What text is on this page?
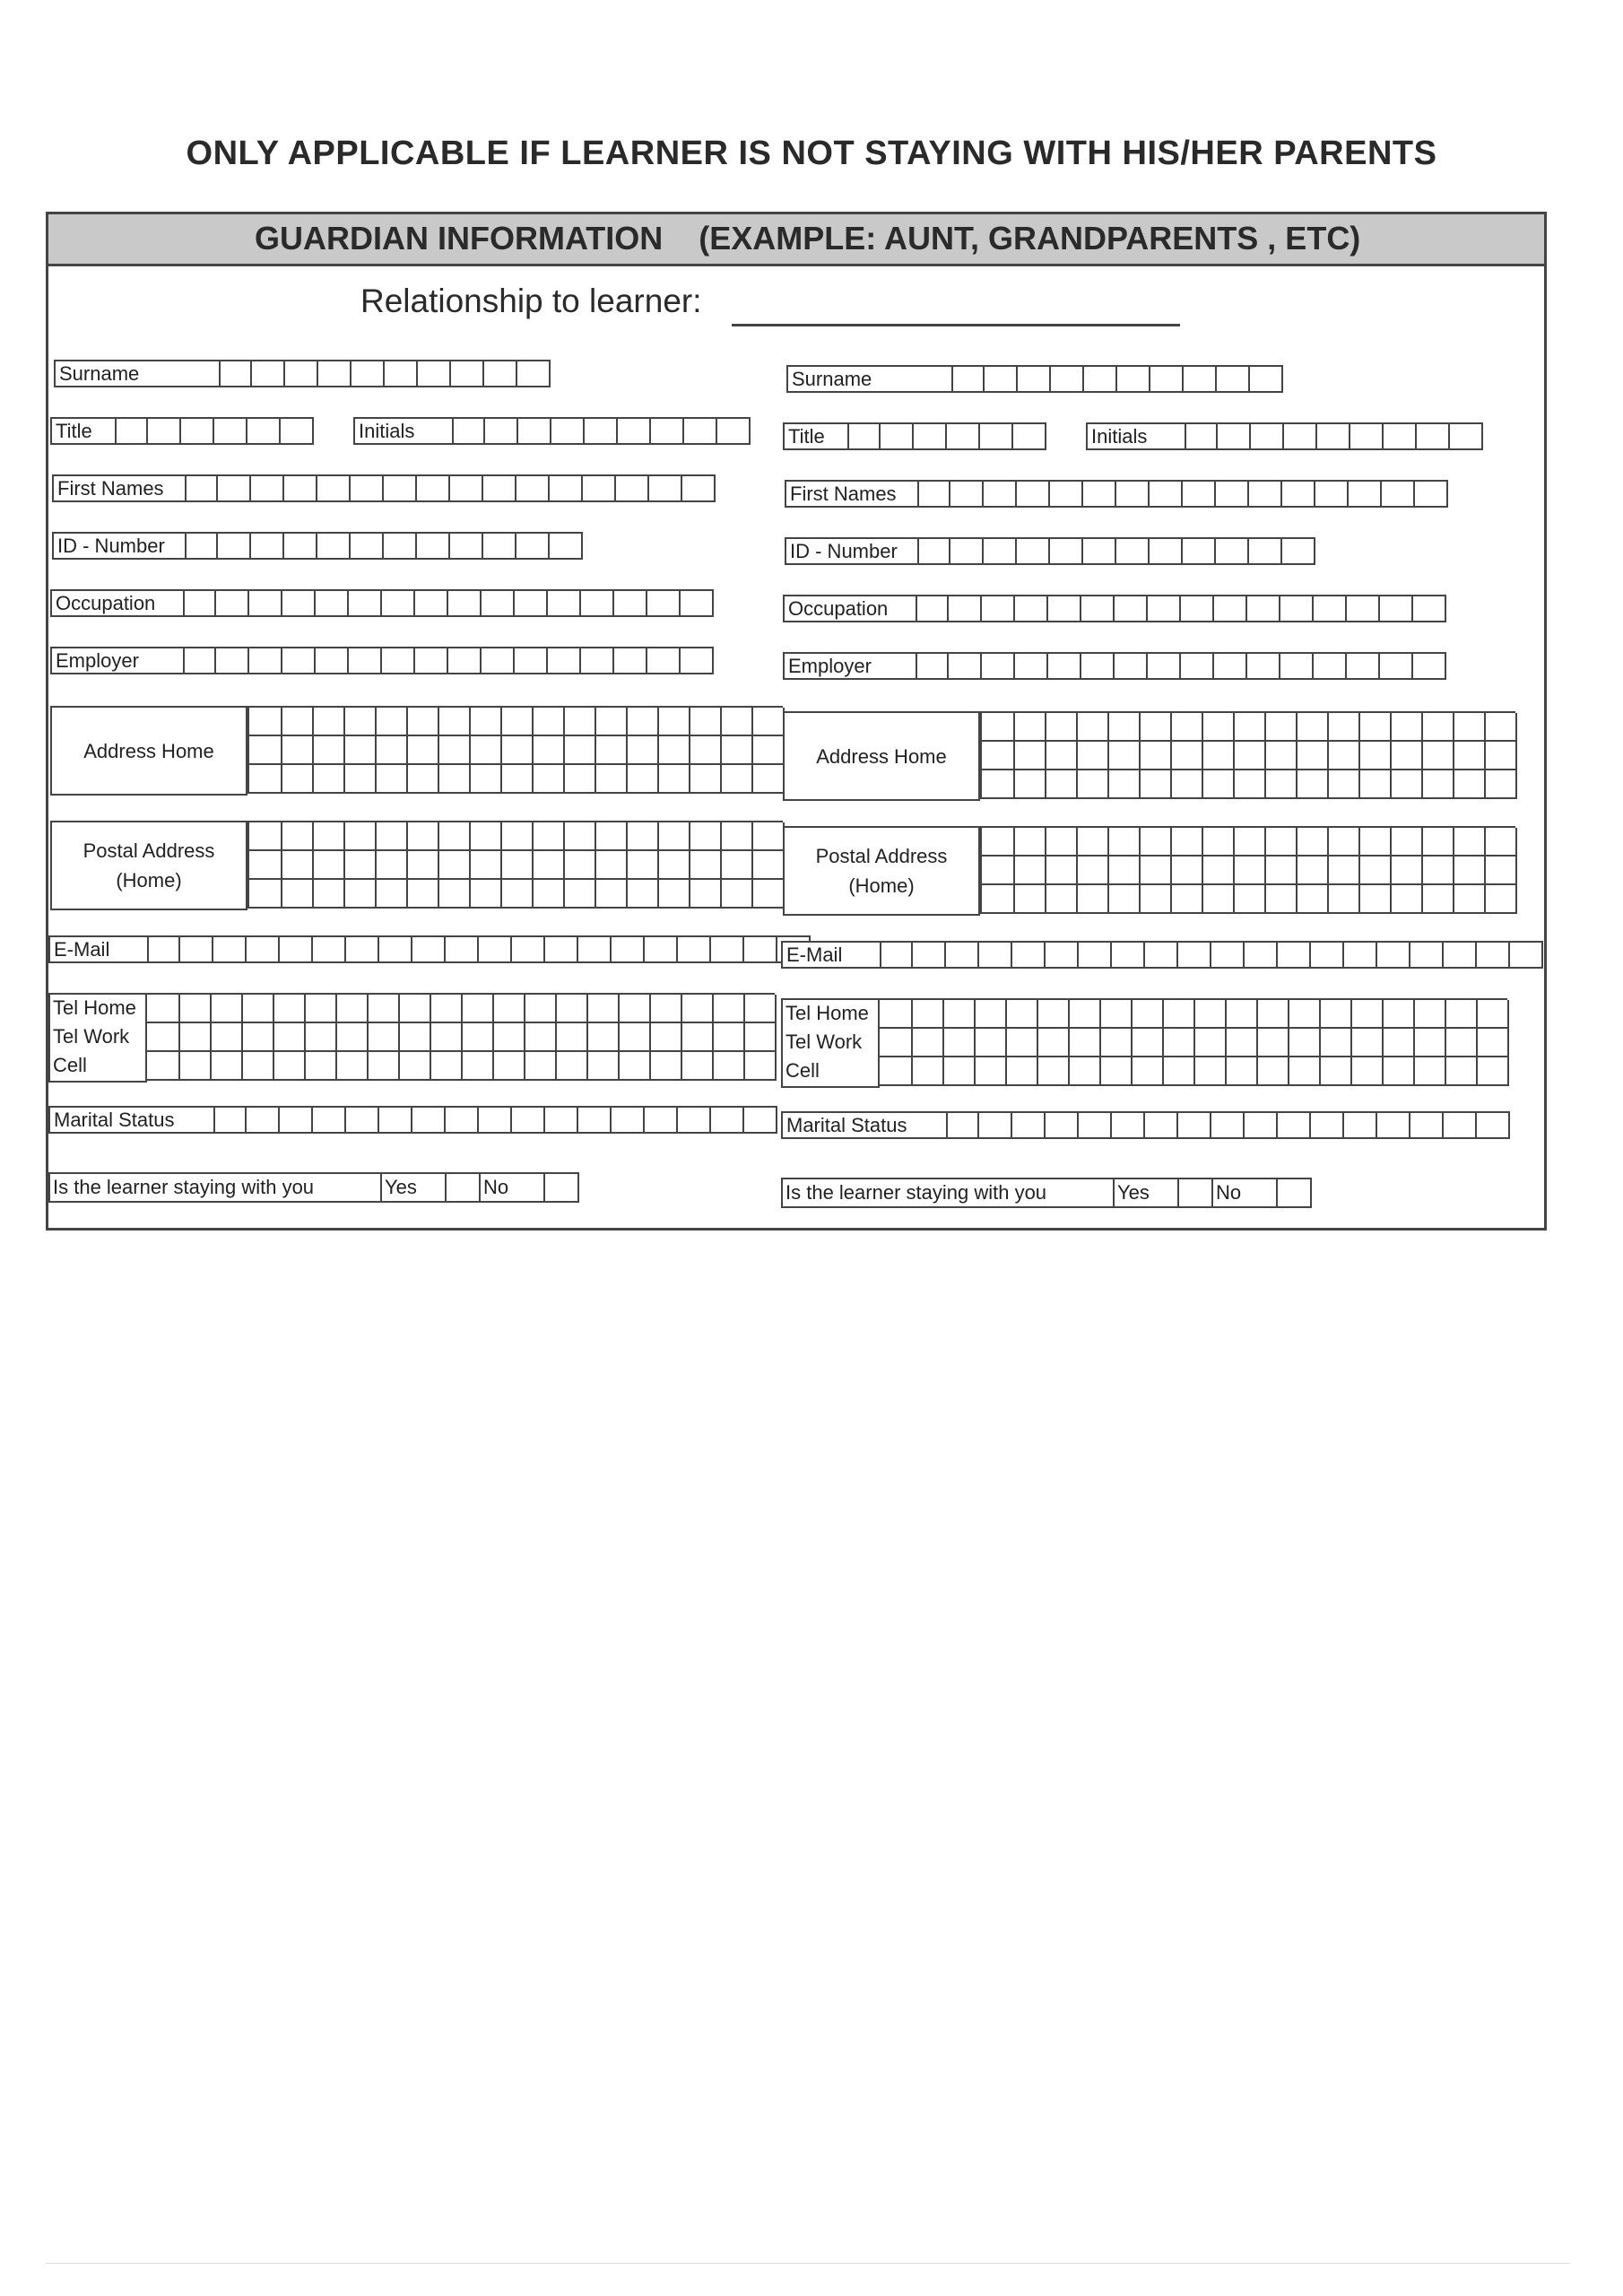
ONLY APPLICABLE IF LEARNER IS NOT STAYING WITH HIS/HER PARENTS
GUARDIAN INFORMATION    (EXAMPLE: AUNT, GRANDPARENTS , ETC)
Relationship to learner:
Surname
Title	Initials
First Names
ID - Number
Occupation
Employer
Address Home
Postal Address
(Home)
E-Mail
Tel Home
Tel Work
Cell
Marital Status
Is the learner staying with you	Yes	No
Surname
Title	Initials
First Names
ID - Number
Occupation
Employer
Address Home
Postal Address
(Home)
E-Mail
Tel Home
Tel Work
Cell
Marital Status
Is the learner staying with you	Yes	No
